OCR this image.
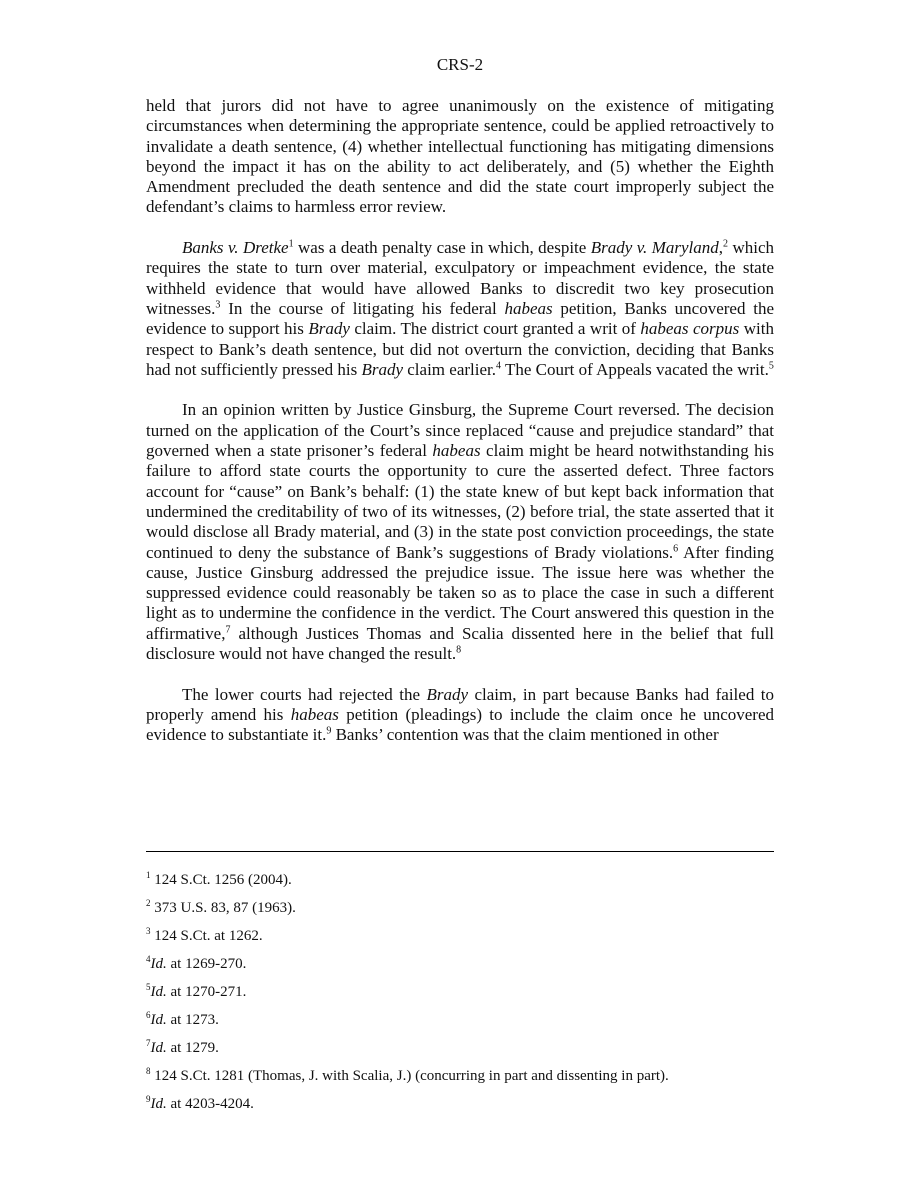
CRS-2

held that jurors did not have to agree unanimously on the existence of mitigating circumstances when determining the appropriate sentence, could be applied retroactively to invalidate a death sentence, (4) whether intellectual functioning has mitigating dimensions beyond the impact it has on the ability to act deliberately, and (5) whether the Eighth Amendment precluded the death sentence and did the state court improperly subject the defendant’s claims to harmless error review.

Banks v. Dretke$^1$ was a death penalty case in which, despite Brady v. Maryland,$^2$ which requires the state to turn over material, exculpatory or impeachment evidence, the state withheld evidence that would have allowed Banks to discredit two key prosecution witnesses.$^3$ In the course of litigating his federal habeas petition, Banks uncovered the evidence to support his Brady claim. The district court granted a writ of habeas corpus with respect to Bank’s death sentence, but did not overturn the conviction, deciding that Banks had not sufficiently pressed his Brady claim earlier.$^4$ The Court of Appeals vacated the writ.$^5$

In an opinion written by Justice Ginsburg, the Supreme Court reversed. The decision turned on the application of the Court’s since replaced “cause and prejudice standard” that governed when a state prisoner’s federal habeas claim might be heard notwithstanding his failure to afford state courts the opportunity to cure the asserted defect. Three factors account for “cause” on Bank’s behalf: (1) the state knew of but kept back information that undermined the creditability of two of its witnesses, (2) before trial, the state asserted that it would disclose all Brady material, and (3) in the state post conviction proceedings, the state continued to deny the substance of Bank’s suggestions of Brady violations.$^6$ After finding cause, Justice Ginsburg addressed the prejudice issue. The issue here was whether the suppressed evidence could reasonably be taken so as to place the case in such a different light as to undermine the confidence in the verdict. The Court answered this question in the affirmative,$^7$ although Justices Thomas and Scalia dissented here in the belief that full disclosure would not have changed the result.$^8$

The lower courts had rejected the Brady claim, in part because Banks had failed to properly amend his habeas petition (pleadings) to include the claim once he uncovered evidence to substantiate it.$^9$ Banks’ contention was that the claim mentioned in other

$^1$ 124 S.Ct. 1256 (2004).
$^2$ 373 U.S. 83, 87 (1963).
$^3$ 124 S.Ct. at 1262.
$^4$Id. at 1269-270.
$^5$Id. at 1270-271.
$^6$Id. at 1273.
$^7$Id. at 1279.
$^8$ 124 S.Ct. 1281 (Thomas, J. with Scalia, J.) (concurring in part and dissenting in part).
$^9$Id. at 4203-4204.
